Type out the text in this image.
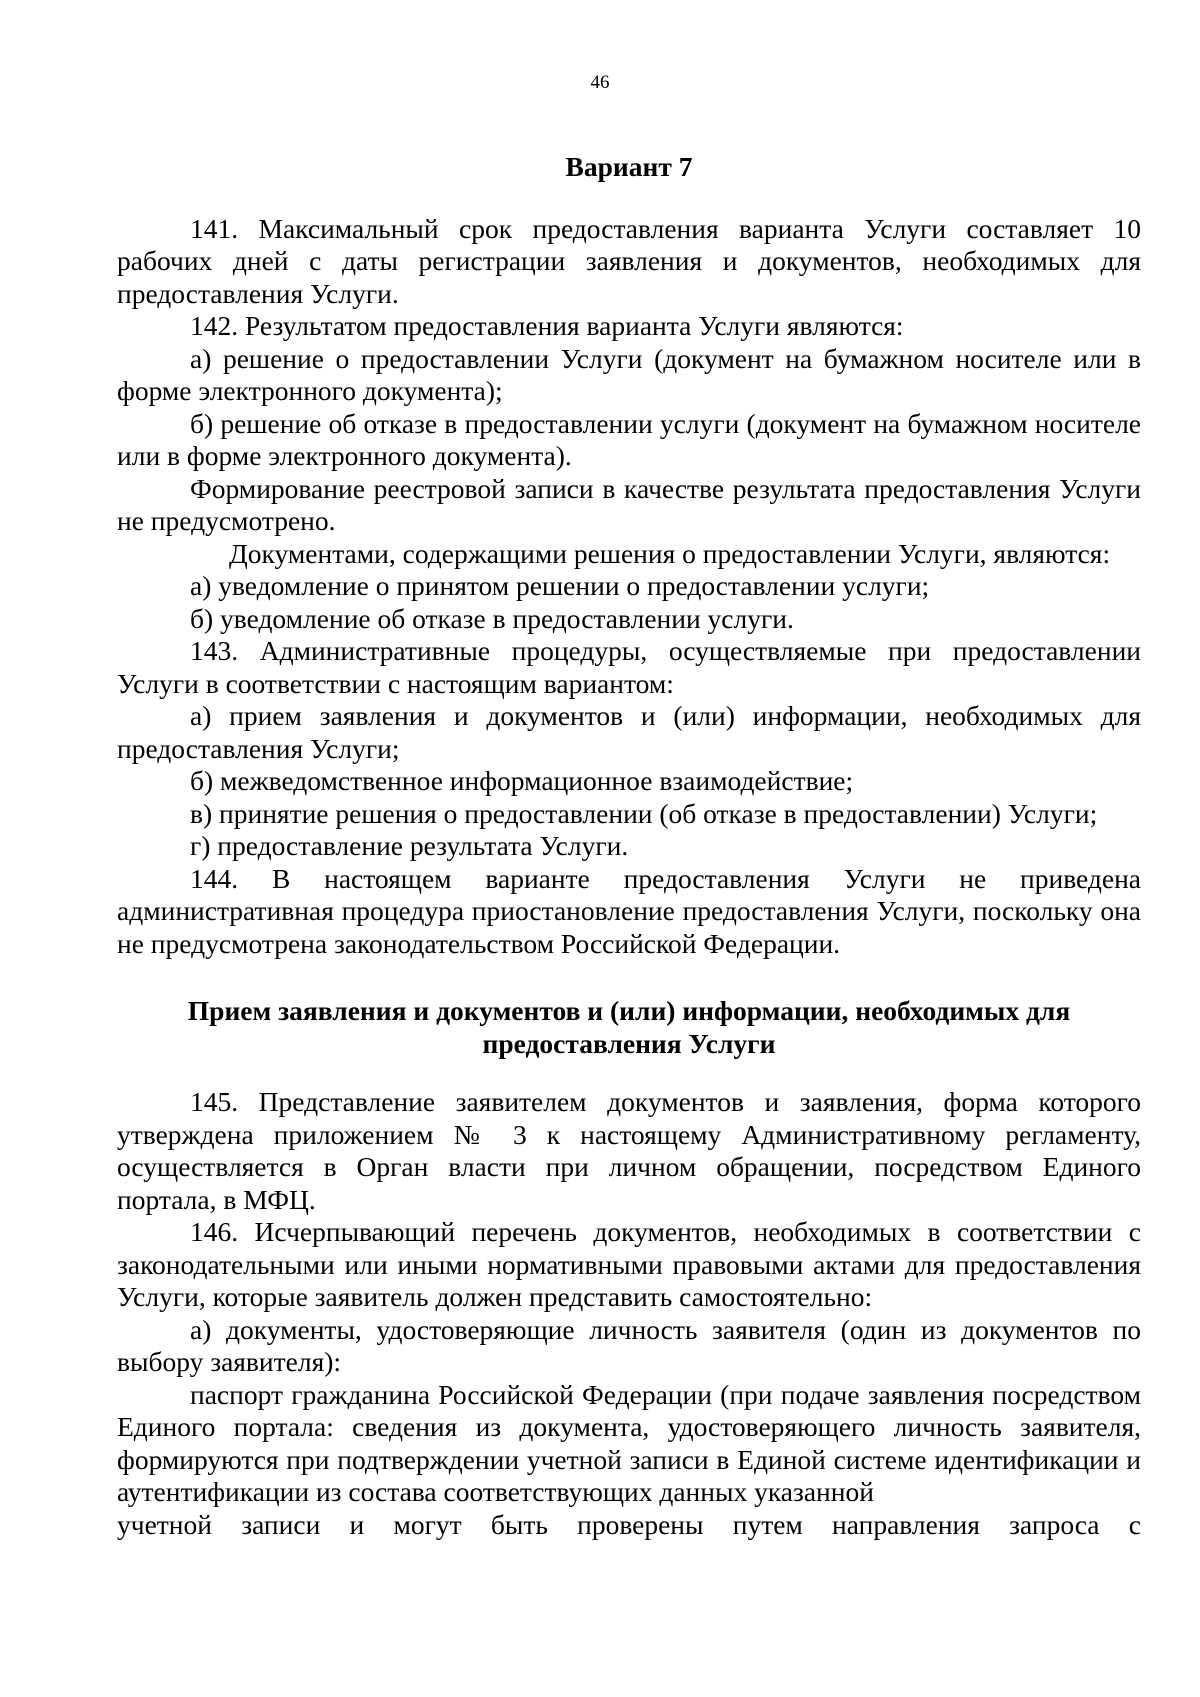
46
Вариант 7

141. Максимальный срок предоставления варианта Услуги составляет 10 рабочих дней с даты регистрации заявления и документов, необходимых для предоставления Услуги.

142. Результатом предоставления варианта Услуги являются:

а) решение о предоставлении Услуги (документ на бумажном носителе или в форме электронного документа);

б) решение об отказе в предоставлении услуги (документ на бумажном носителе или в форме электронного документа).

Формирование реестровой записи в качестве результата предоставления Услуги не предусмотрено.

Документами, содержащими решения о предоставлении Услуги, являются:

а) уведомление о принятом решении о предоставлении услуги;

б) уведомление об отказе в предоставлении услуги.

143. Административные процедуры, осуществляемые при предоставлении Услуги в соответствии с настоящим вариантом:

а) прием заявления и документов и (или) информации, необходимых для предоставления Услуги;

б) межведомственное информационное взаимодействие;

в) принятие решения о предоставлении (об отказе в предоставлении) Услуги;

г) предоставление результата Услуги.

144. В настоящем варианте предоставления Услуги не приведена административная процедура приостановление предоставления Услуги, поскольку она не предусмотрена законодательством Российской Федерации.

Прием заявления и документов и (или) информации, необходимых для
предоставления Услуги

145. Представление заявителем документов и заявления, форма которого утверждена приложением № 3 к настоящему Административному регламенту, осуществляется в Орган власти при личном обращении, посредством Единого портала, в МФЦ.

146. Исчерпывающий перечень документов, необходимых в соответствии с законодательными или иными нормативными правовыми актами для предоставления Услуги, которые заявитель должен представить самостоятельно:

а) документы, удостоверяющие личность заявителя (один из документов по выбору заявителя):

паспорт гражданина Российской Федерации (при подаче заявления посредством Единого портала: сведения из документа, удостоверяющего личность заявителя, формируются при подтверждении учетной записи в Единой системе идентификации и аутентификации из состава соответствующих данных указанной

учетной записи и могут быть проверены путем направления запроса с
